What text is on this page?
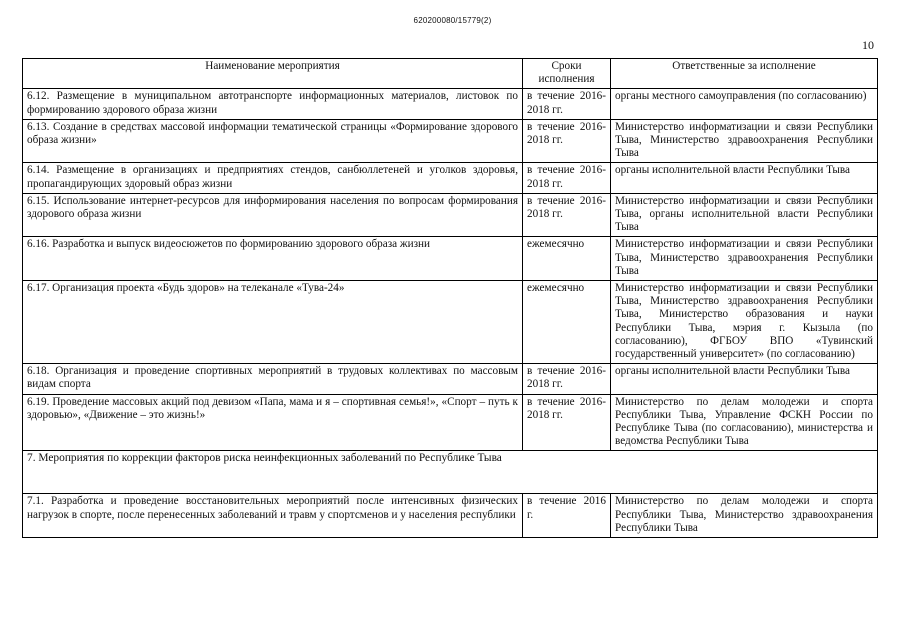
620200080/15779(2)
10
Наименование мероприятия	Сроки исполнения	Ответственные за исполнение
6.12. Размещение в муниципальном автотранспорте информационных материалов, листовок по формированию здорового образа жизни	в течение 2016-2018 гг.	органы местного самоуправления (по согласованию)
6.13. Создание в средствах массовой информации тематической страницы «Формирование здорового образа жизни»	в течение 2016-2018 гг.	Министерство информатизации и связи Республики Тыва, Министерство здравоохранения Республики Тыва
6.14. Размещение в организациях и предприятиях стендов, санбюллетеней и уголков здоровья, пропагандирующих здоровый образ жизни	в течение 2016-2018 гг.	органы исполнительной власти Республики Тыва
6.15. Использование интернет-ресурсов для информирования населения по вопросам формирования здорового образа жизни	в течение 2016-2018 гг.	Министерство информатизации и связи Республики Тыва, органы исполнительной власти Республики Тыва
6.16. Разработка и выпуск видеосюжетов по формированию здорового образа жизни	ежемесячно	Министерство информатизации и связи Республики Тыва, Министерство здравоохранения Республики Тыва
6.17. Организация проекта «Будь здоров» на телеканале «Тува-24»	ежемесячно	Министерство информатизации и связи Республики Тыва, Министерство здравоохранения Республики Тыва, Министерство образования и науки Республики Тыва, мэрия г. Кызыла (по согласованию), ФГБОУ ВПО «Тувинский государственный университет» (по согласованию)
6.18. Организация и проведение спортивных мероприятий в трудовых коллективах по массовым видам спорта	в течение 2016-2018 гг.	органы исполнительной власти Республики Тыва
6.19. Проведение массовых акций под девизом «Папа, мама и я – спортивная семья!», «Спорт – путь к здоровью», «Движение – это жизнь!»	в течение 2016-2018 гг.	Министерство по делам молодежи и спорта Республики Тыва, Управление ФСКН России по Республике Тыва (по согласованию), министерства и ведомства Республики Тыва
7. Мероприятия по коррекции факторов риска неинфекционных заболеваний по Республике Тыва		
7.1. Разработка и проведение восстановительных мероприятий после интенсивных физических нагрузок в спорте, после перенесенных заболеваний и травм у спортсменов и у населения республики	в течение 2016 г.	Министерство по делам молодежи и спорта Республики Тыва, Министерство здравоохранения Республики Тыва
